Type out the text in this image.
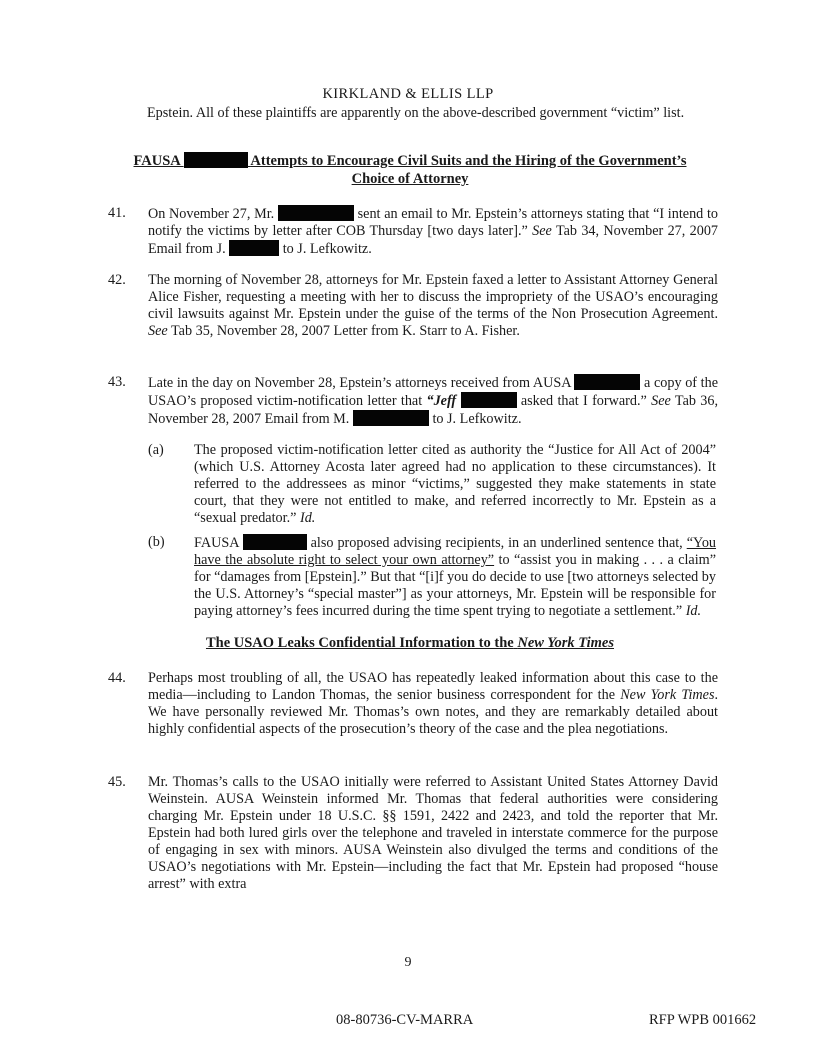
KIRKLAND & ELLIS LLP
Epstein. All of these plaintiffs are apparently on the above-described government “victim” list.
FAUSA	Attempts to Encourage Civil Suits and the Hiring of the Government’s
Choice of Attorney
41.	On November 27, Mr.	sent an email to Mr. Epstein’s attorneys stating that “I intend to notify the victims by letter after COB Thursday [two days later].” See Tab 34, November 27, 2007 Email from J.	to J. Lefkowitz.
42.	The morning of November 28, attorneys for Mr. Epstein faxed a letter to Assistant Attorney General Alice Fisher, requesting a meeting with her to discuss the impropriety of the USAO’s encouraging civil lawsuits against Mr. Epstein under the guise of the terms of the Non Prosecution Agreement. See Tab 35, November 28, 2007 Letter from K. Starr to A. Fisher.
43.	Late in the day on November 28, Epstein’s attorneys received from AUSA	a copy of the USAO’s proposed victim-notification letter that “Jeff	asked that I forward.” See Tab 36, November 28, 2007 Email from M.	to J. Lefkowitz.
(a)	The proposed victim-notification letter cited as authority the “Justice for All Act of 2004” (which U.S. Attorney Acosta later agreed had no application to these circumstances). It referred to the addressees as minor “victims,” suggested they make statements in state court, that they were not entitled to make, and referred incorrectly to Mr. Epstein as a “sexual predator.” Id.
(b)	FAUSA	also proposed advising recipients, in an underlined sentence that, “You have the absolute right to select your own attorney” to “assist you in making . . . a claim” for “damages from [Epstein].” But that “[i]f you do decide to use [two attorneys selected by the U.S. Attorney’s “special master”] as your attorneys, Mr. Epstein will be responsible for paying attorney’s fees incurred during the time spent trying to negotiate a settlement.” Id.
The USAO Leaks Confidential Information to the New York Times
44.	Perhaps most troubling of all, the USAO has repeatedly leaked information about this case to the media—including to Landon Thomas, the senior business correspondent for the New York Times. We have personally reviewed Mr. Thomas’s own notes, and they are remarkably detailed about highly confidential aspects of the prosecution’s theory of the case and the plea negotiations.
45.	Mr. Thomas’s calls to the USAO initially were referred to Assistant United States Attorney David Weinstein. AUSA Weinstein informed Mr. Thomas that federal authorities were considering charging Mr. Epstein under 18 U.S.C. §§ 1591, 2422 and 2423, and told the reporter that Mr. Epstein had both lured girls over the telephone and traveled in interstate commerce for the purpose of engaging in sex with minors. AUSA Weinstein also divulged the terms and conditions of the USAO’s negotiations with Mr. Epstein—including the fact that Mr. Epstein had proposed “house arrest” with extra
9
08-80736-CV-MARRA	RFP WPB 001662
